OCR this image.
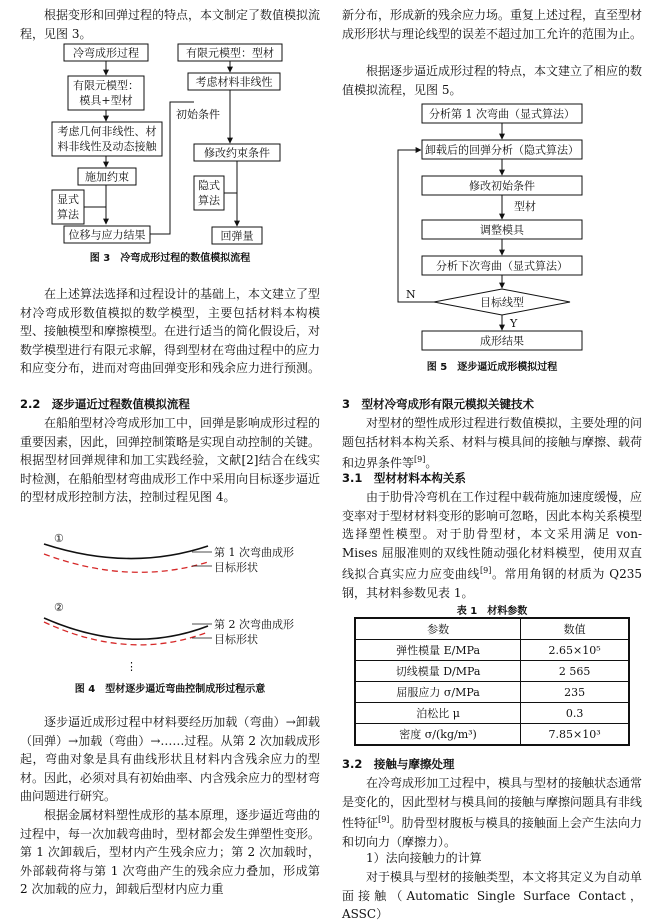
根据变形和回弹过程的特点，本文制定了数值模拟流程，见图 3。

冷弯成形过程
有限元模型：
模具+型材
考虑几何非线性、材
料非线性及动态接触
施加约束
显式
算法
位移与应力结果
初始条件
有限元模型：型材
考虑材料非线性
修改约束条件
隐式
算法
回弹量
图 3　冷弯成形过程的数值模拟流程

在上述算法选择和过程设计的基础上，本文建立了型材冷弯成形数值模拟的数学模型，主要包括材料本构模型、接触模型和摩擦模型。在进行适当的简化假设后，对数学模型进行有限元求解，得到型材在弯曲过程中的应力和应变分布，进而对弯曲回弹变形和残余应力进行预测。

2.2　逐步逼近过程数值模拟流程

在船舶型材冷弯成形加工中，回弹是影响成形过程的重要因素，因此，回弹控制策略是实现自动控制的关键。根据型材回弹规律和加工实践经验，文献[2]结合在线实时检测，在船舶型材弯曲成形工作中采用向目标逐步逼近的型材成形控制方法，控制过程见图 4。

①
第 1 次弯曲成形
目标形状
②
第 2 次弯曲成形
目标形状
⋮
图 4　型材逐步逼近弯曲控制成形过程示意

逐步逼近成形过程中材料要经历加载（弯曲）→卸载（回弹）→加载（弯曲）→……过程。从第 2 次加载成形起，弯曲对象是具有曲线形状且材料内含残余应力的型材。因此，必须对具有初始曲率、内含残余应力的型材弯曲问题进行研究。

根据金属材料塑性成形的基本原理，逐步逼近弯曲的过程中，每一次加载弯曲时，型材都会发生弹塑性变形。第 1 次卸载后，型材内产生残余应力；第 2 次加载时，外部载荷将与第 1 次弯曲产生的残余应力叠加，形成第 2 次加载的应力，卸载后型材内应力重

新分布，形成新的残余应力场。重复上述过程，直至型材成形形状与理论线型的误差不超过加工允许的范围为止。

根据逐步逼近成形过程的特点，本文建立了相应的数值模拟流程，见图 5。

分析第 1 次弯曲（显式算法）
卸载后的回弹分析（隐式算法）
修改初始条件
型材
调整模具
分析下次弯曲（显式算法）
目标线型
N
Y
成形结果
图 5　逐步逼近成形模拟过程
3　型材冷弯成形有限元模拟关键技术

对型材的塑性成形过程进行数值模拟，主要处理的问题包括材料本构关系、材料与模具间的接触与摩擦、载荷和边界条件等[9]。

3.1　型材材料本构关系

由于肋骨冷弯机在工作过程中载荷施加速度缓慢，应变率对于型材材料变形的影响可忽略，因此本构关系模型选择塑性模型。对于肋骨型材，本文采用满足 von-Mises 屈服准则的双线性随动强化材料模型，使用双直线拟合真实应力应变曲线[9]。常用角钢的材质为 Q235 钢，其材料参数见表 1。

表 1　材料参数
参数	数值
弹性模量 E/MPa	2.65×10⁵
切线模量 D/MPa	2 565
屈服应力 σ/MPa	235
泊松比 μ	0.3
密度 σ/(kg/m³)	7.85×10³
3.2　接触与摩擦处理

在冷弯成形加工过程中，模具与型材的接触状态通常是变化的，因此型材与模具间的接触与摩擦问题具有非线性特征[9]。肋骨型材腹板与模具的接触面上会产生法向力和切向力（摩擦力）。

1）法向接触力的计算

对于模具与型材的接触类型，本文将其定义为自动单面接触（Automatic Single Surface Contact，ASSC）
